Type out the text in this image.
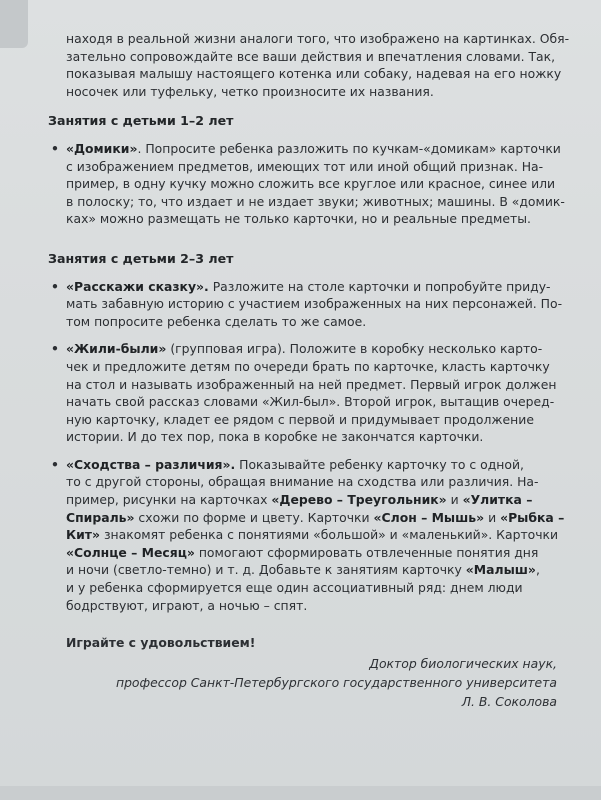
находя в реальной жизни аналоги того, что изображено на картинках. Обя-
зательно сопровождайте все ваши действия и впечатления словами. Так,
показывая малышу настоящего котенка или собаку, надевая на его ножку
носочек или туфельку, четко произносите их названия.

Занятия с детьми 1–2 лет
• «Домики». Попросите ребенка разложить по кучкам-«домикам» карточки
с изображением предметов, имеющих тот или иной общий признак. На-
пример, в одну кучку можно сложить все круглое или красное, синее или
в полоску; то, что издает и не издает звуки; животных; машины. В «домик-
ках» можно размещать не только карточки, но и реальные предметы.
Занятия с детьми 2–3 лет
• «Расскажи сказку». Разложите на столе карточки и попробуйте приду-
мать забавную историю с участием изображенных на них персонажей. По-
том попросите ребенка сделать то же самое.
• «Жили-были» (групповая игра). Положите в коробку несколько карто-
чек и предложите детям по очереди брать по карточке, класть карточку
на стол и называть изображенный на ней предмет. Первый игрок должен
начать свой рассказ словами «Жил-был». Второй игрок, вытащив очеред-
ную карточку, кладет ее рядом с первой и придумывает продолжение
истории. И до тех пор, пока в коробке не закончатся карточки.
• «Сходства – различия». Показывайте ребенку карточку то с одной,
то с другой стороны, обращая внимание на сходства или различия. На-
пример, рисунки на карточках «Дерево – Треугольник» и «Улитка –
Спираль» схожи по форме и цвету. Карточки «Слон – Мышь» и «Рыбка –
Кит» знакомят ребенка с понятиями «большой» и «маленький». Карточки
«Солнце – Месяц» помогают сформировать отвлеченные понятия дня
и ночи (светло-темно) и т. д. Добавьте к занятиям карточку «Малыш»,
и у ребенка сформируется еще один ассоциативный ряд: днем люди
бодрствуют, играют, а ночью – спят.

Играйте с удовольствием!

Доктор биологических наук,
профессор Санкт-Петербургского государственного университета
Л. В. Соколова
